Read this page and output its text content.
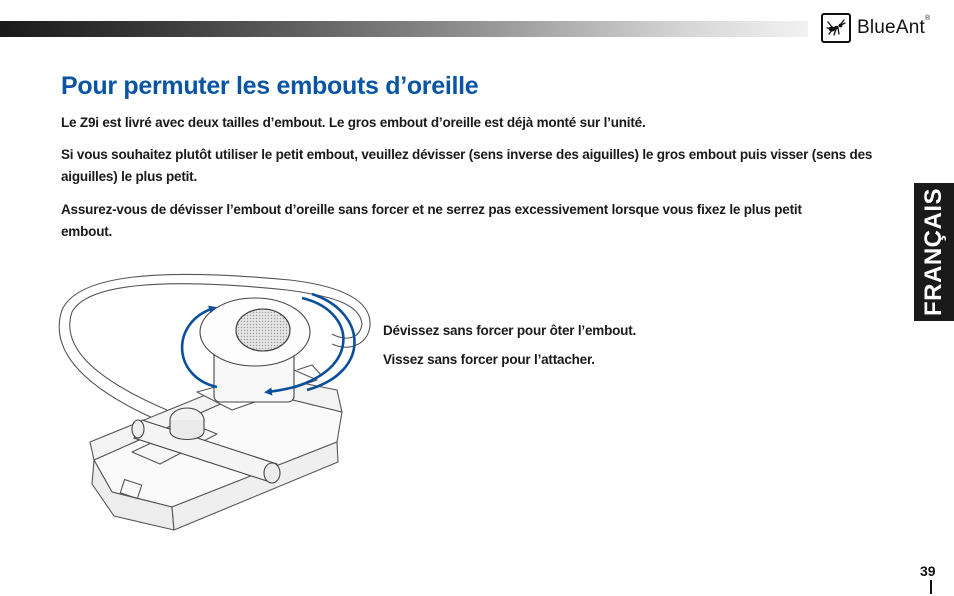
BlueAnt®
Pour permuter les embouts d’oreille

Le Z9i est livré avec deux tailles d’embout. Le gros embout d’oreille est déjà monté sur l’unité.

Si vous souhaitez plutôt utiliser le petit embout, veuillez dévisser (sens inverse des aiguilles) le gros embout puis visser (sens des aiguilles) le plus petit.

Assurez-vous de dévisser l’embout d’oreille sans forcer et ne serrez pas excessivement lorsque vous fixez le plus petit embout.	FRANÇAIS

Dévissez sans forcer pour ôter l’embout.

Vissez sans forcer pour l’attacher.

39
